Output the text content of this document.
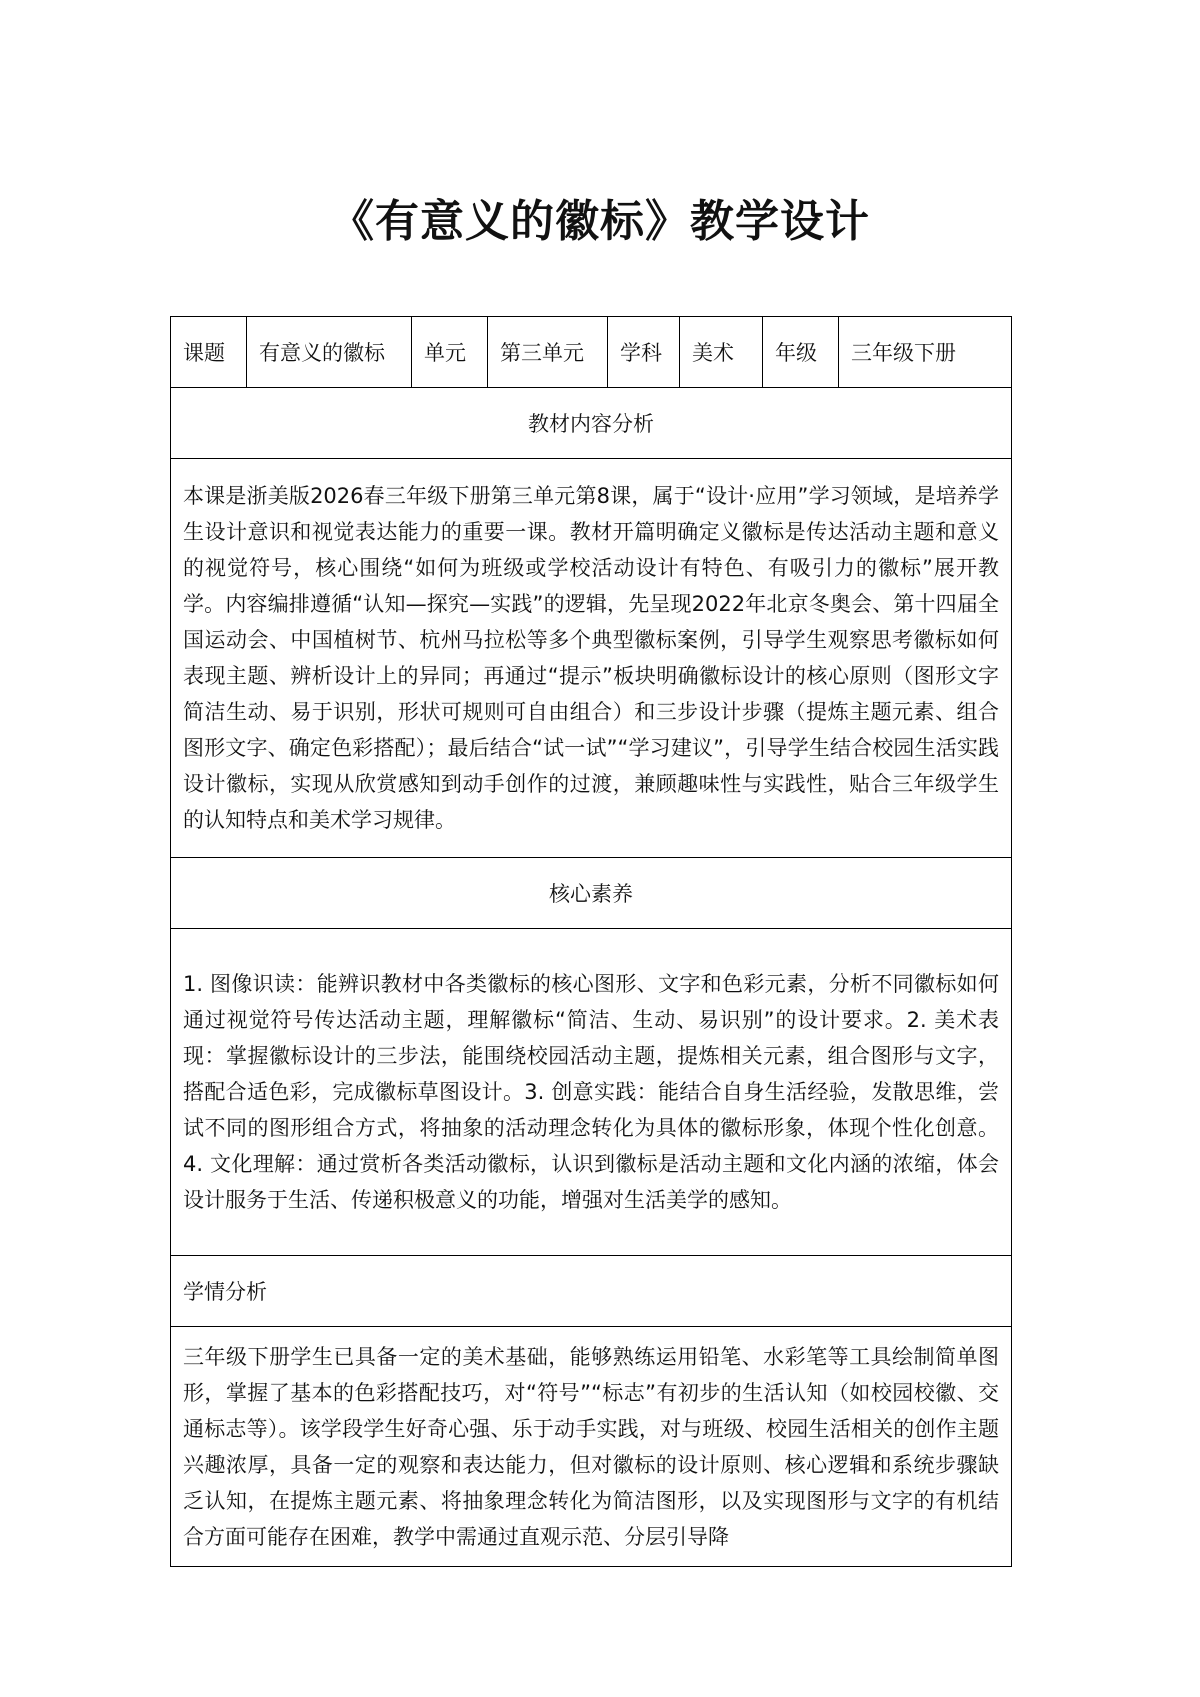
《有意义的徽标》教学设计
课题	有意义的徽标	单元	第三单元	学科	美术	年级	三年级下册
教材内容分析
本课是浙美版2026春三年级下册第三单元第8课，属于“设计·应用”学习领域，是培养学生设计意识和视觉表达能力的重要一课。教材开篇明确定义徽标是传达活动主题和意义的视觉符号，核心围绕“如何为班级或学校活动设计有特色、有吸引力的徽标”展开教学。内容编排遵循“认知—探究—实践”的逻辑，先呈现2022年北京冬奥会、第十四届全国运动会、中国植树节、杭州马拉松等多个典型徽标案例，引导学生观察思考徽标如何表现主题、辨析设计上的异同；再通过“提示”板块明确徽标设计的核心原则（图形文字简洁生动、易于识别，形状可规则可自由组合）和三步设计步骤（提炼主题元素、组合图形文字、确定色彩搭配）；最后结合“试一试”“学习建议”，引导学生结合校园生活实践设计徽标，实现从欣赏感知到动手创作的过渡，兼顾趣味性与实践性，贴合三年级学生的认知特点和美术学习规律。
核心素养
1. 图像识读：能辨识教材中各类徽标的核心图形、文字和色彩元素，分析不同徽标如何通过视觉符号传达活动主题，理解徽标“简洁、生动、易识别”的设计要求。2. 美术表现：掌握徽标设计的三步法，能围绕校园活动主题，提炼相关元素，组合图形与文字，搭配合适色彩，完成徽标草图设计。3. 创意实践：能结合自身生活经验，发散思维，尝试不同的图形组合方式，将抽象的活动理念转化为具体的徽标形象，体现个性化创意。4. 文化理解：通过赏析各类活动徽标，认识到徽标是活动主题和文化内涵的浓缩，体会设计服务于生活、传递积极意义的功能，增强对生活美学的感知。
学情分析
三年级下册学生已具备一定的美术基础，能够熟练运用铅笔、水彩笔等工具绘制简单图形，掌握了基本的色彩搭配技巧，对“符号”“标志”有初步的生活认知（如校园校徽、交通标志等）。该学段学生好奇心强、乐于动手实践，对与班级、校园生活相关的创作主题兴趣浓厚，具备一定的观察和表达能力，但对徽标的设计原则、核心逻辑和系统步骤缺乏认知，在提炼主题元素、将抽象理念转化为简洁图形，以及实现图形与文字的有机结合方面可能存在困难，教学中需通过直观示范、分层引导降
